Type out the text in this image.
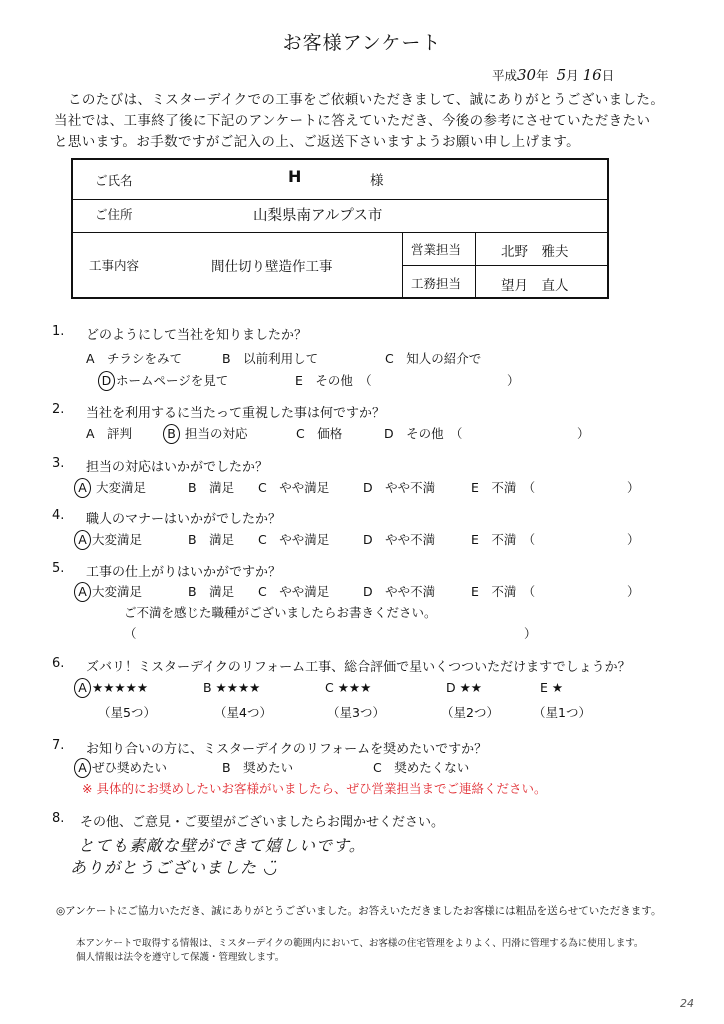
お客様アンケート
平成30年 5月 16日
このたびは、ミスターデイクでの工事をご依頼いただきまして、誠にありがとうございました。
当社では、工事終了後に下記のアンケートに答えていただき、今後の参考にさせていただきたい
と思います。お手数ですがご記入の上、ご返送下さいますようお願い申し上げます。
ご氏名	H	様
ご住所	山梨県南アルプス市
工事内容	間仕切り壁造作工事
営業担当	北野　雅夫
工務担当	望月　直人
1. どのようにして当社を知りましたか？
A　チラシをみて	B　以前利用して	C　知人の紹介で
D ホームページを見て	E　その他　（	）
2. 当社を利用するに当たって重視した事は何ですか？
A　評判	B 担当の対応	C　価格	D　その他　（	）
3. 担当の対応はいかがでしたか？
A 大変満足	B　満足 C　やや満足	D　やや不満	E　不満　（	）
4. 職人のマナーはいかがでしたか？
A 大変満足	B　満足 C　やや満足	D　やや不満	E　不満　（	）
5. 工事の仕上がりはいかがですか？
A 大変満足	B　満足 C　やや満足	D　やや不満	E　不満　（	）
ご不満を感じた職種がございましたらお書きください。
（	）
6. ズバリ！ミスターデイクのリフォーム工事、総合評価で星いくつついただけますでしょうか？
A ★★★★★	B ★★★★	C ★★★	D ★★	E ★
（星5つ）	（星4つ）	（星3つ）	（星2つ）	（星1つ）
7. お知り合いの方に、ミスターデイクのリフォームを奨めたいですか？
A ぜひ奨めたい	B　奨めたい	C　奨めたくない
※ 具体的にお奨めしたいお客様がいましたら、ぜひ営業担当までご連絡ください。
8. その他、ご意見・ご要望がございましたらお聞かせください。
とても素敵な壁ができて嬉しいです。
ありがとうございました ◡̈
◎アンケートにご協力いただき、誠にありがとうございました。お答えいただきましたお客様には粗品を送らせていただきます。
本アンケートで取得する情報は、ミスターデイクの範囲内において、お客様の住宅管理をよりよく、円滑に管理する為に使用します。
個人情報は法令を遵守して保護・管理致します。
24
